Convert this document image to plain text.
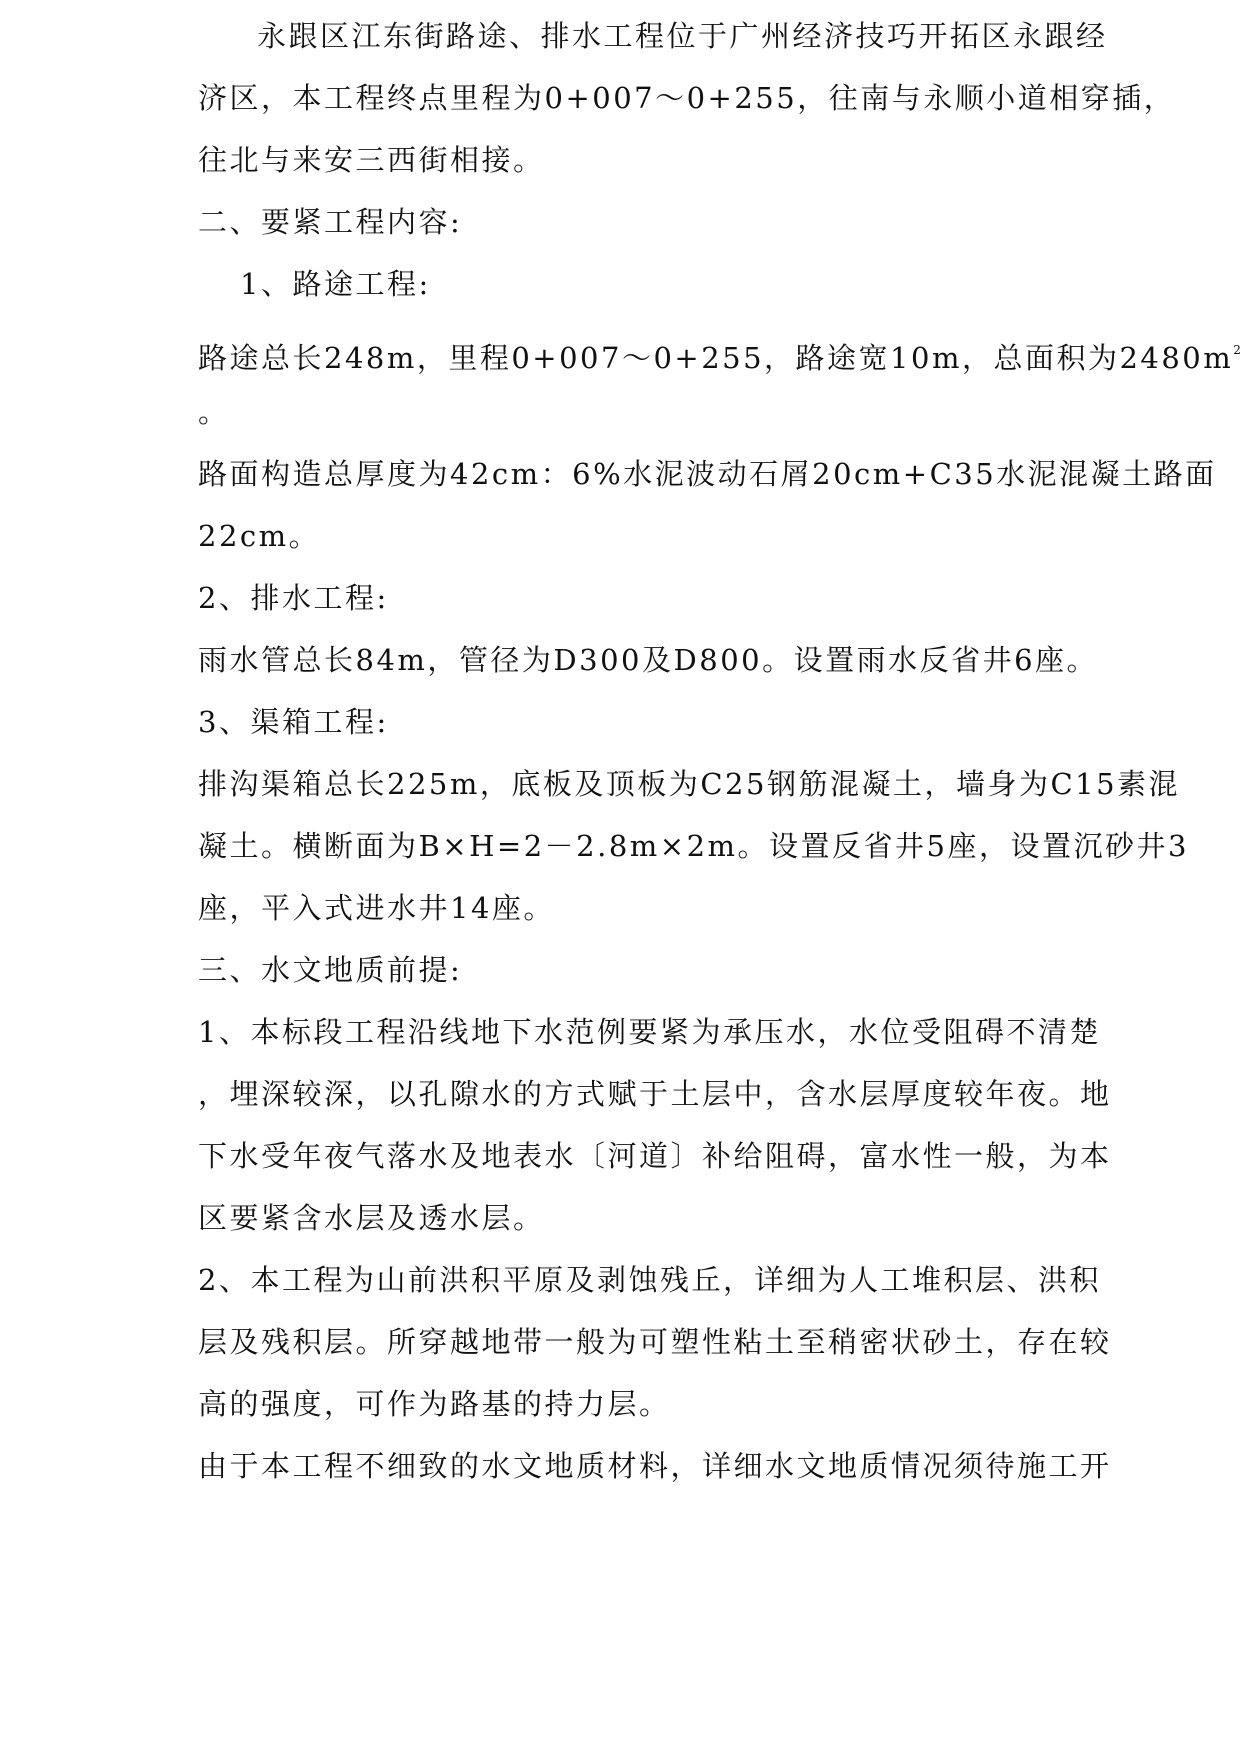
永跟区江东街路途、排水工程位于广州经济技巧开拓区永跟经
济区，本工程终点里程为0+007～0+255，往南与永顺小道相穿插，
往北与来安三西街相接。
二、要紧工程内容:
1、路途工程:
路途总长248m，里程0+007～0+255，路途宽10m，总面积为$2480m^2$
。
路面构造总厚度为42cm：6%水泥波动石屑20cm+C35水泥混凝土路面
22cm。
2、排水工程:
雨水管总长84m，管径为D300及D800。设置雨水反省井6座。
3、渠箱工程:
排沟渠箱总长225m，底板及顶板为C25钢筋混凝土，墙身为C15素混
凝土。横断面为B×H=2－2.8m×2m。设置反省井5座，设置沉砂井3
座，平入式进水井14座。
三、水文地质前提:
1、本标段工程沿线地下水范例要紧为承压水，水位受阻碍不清楚
，埋深较深，以孔隙水的方式赋于土层中，含水层厚度较年夜。地
下水受年夜气落水及地表水〔河道〕补给阻碍，富水性一般，为本
区要紧含水层及透水层。
2、本工程为山前洪积平原及剥蚀残丘，详细为人工堆积层、洪积
层及残积层。所穿越地带一般为可塑性粘土至稍密状砂土，存在较
高的强度，可作为路基的持力层。
由于本工程不细致的水文地质材料，详细水文地质情况须待施工开
